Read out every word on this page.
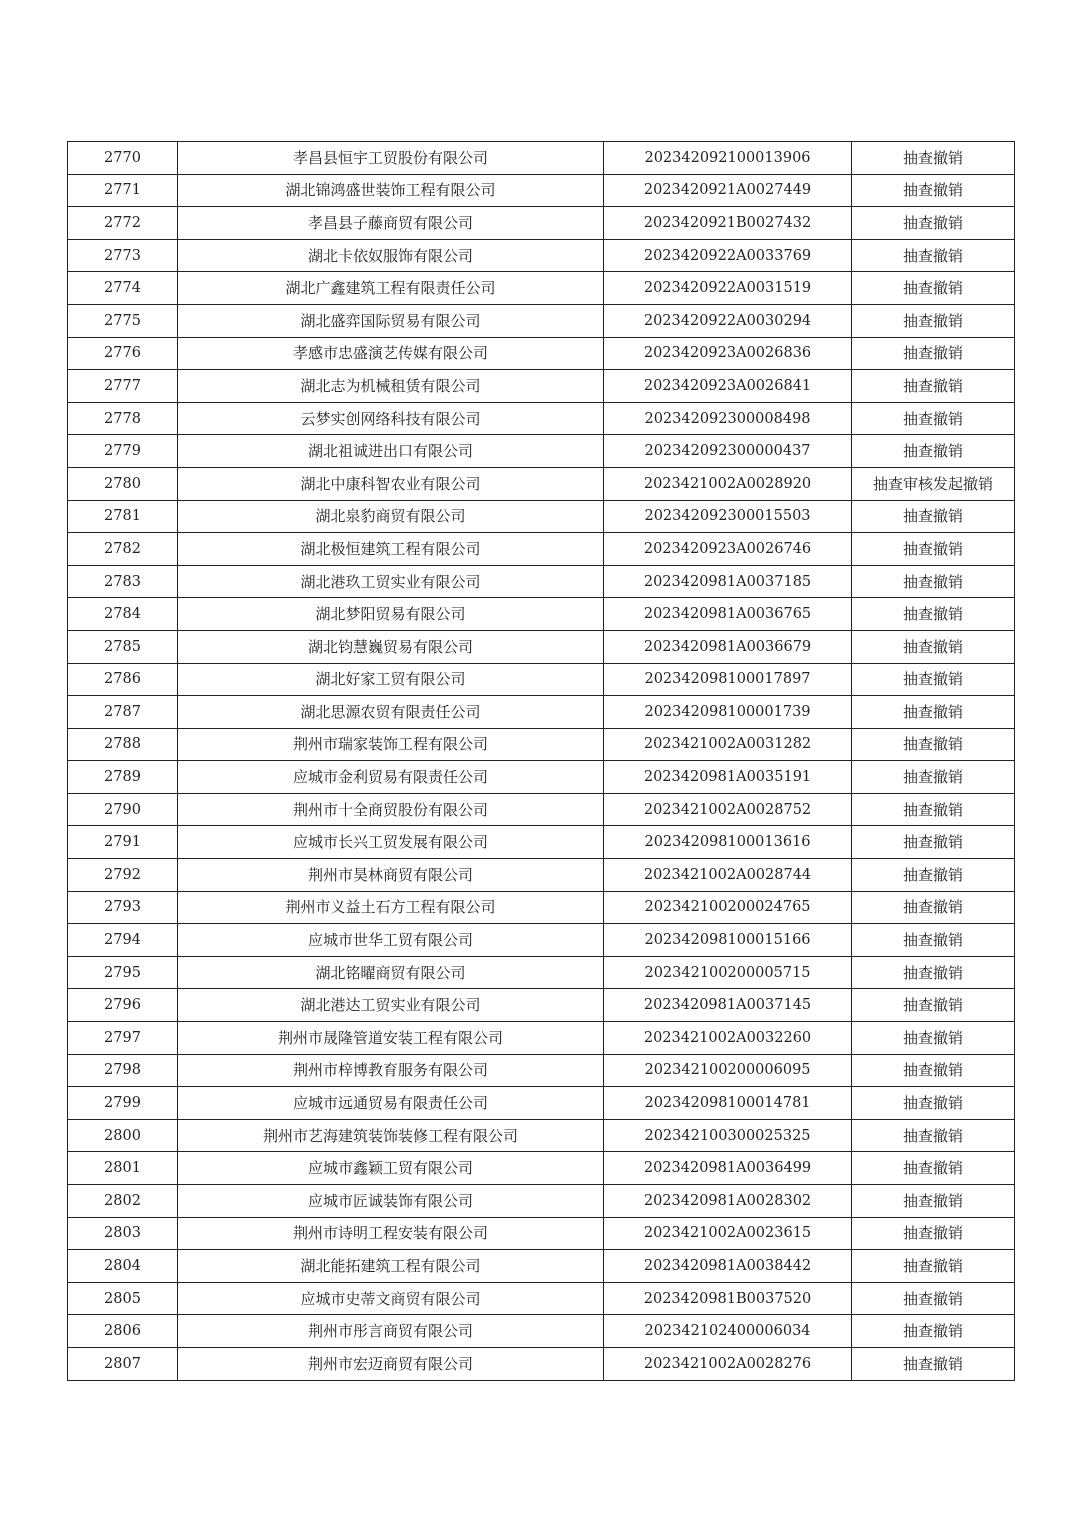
2770	孝昌县恒宇工贸股份有限公司	202342092100013906	抽查撤销
2771	湖北锦鸿盛世装饰工程有限公司	2023420921A0027449	抽查撤销
2772	孝昌县子藤商贸有限公司	2023420921B0027432	抽查撤销
2773	湖北卡依奴服饰有限公司	2023420922A0033769	抽查撤销
2774	湖北广鑫建筑工程有限责任公司	2023420922A0031519	抽查撤销
2775	湖北盛弈国际贸易有限公司	2023420922A0030294	抽查撤销
2776	孝感市忠盛演艺传媒有限公司	2023420923A0026836	抽查撤销
2777	湖北志为机械租赁有限公司	2023420923A0026841	抽查撤销
2778	云梦实创网络科技有限公司	202342092300008498	抽查撤销
2779	湖北祖诚进出口有限公司	202342092300000437	抽查撤销
2780	湖北中康科智农业有限公司	2023421002A0028920	抽查审核发起撤销
2781	湖北泉豹商贸有限公司	202342092300015503	抽查撤销
2782	湖北极恒建筑工程有限公司	2023420923A0026746	抽查撤销
2783	湖北港玖工贸实业有限公司	2023420981A0037185	抽查撤销
2784	湖北梦阳贸易有限公司	2023420981A0036765	抽查撤销
2785	湖北钧慧巍贸易有限公司	2023420981A0036679	抽查撤销
2786	湖北好家工贸有限公司	202342098100017897	抽查撤销
2787	湖北思源农贸有限责任公司	202342098100001739	抽查撤销
2788	荆州市瑞家装饰工程有限公司	2023421002A0031282	抽查撤销
2789	应城市金利贸易有限责任公司	2023420981A0035191	抽查撤销
2790	荆州市十全商贸股份有限公司	2023421002A0028752	抽查撤销
2791	应城市长兴工贸发展有限公司	202342098100013616	抽查撤销
2792	荆州市昊林商贸有限公司	2023421002A0028744	抽查撤销
2793	荆州市义益土石方工程有限公司	202342100200024765	抽查撤销
2794	应城市世华工贸有限公司	202342098100015166	抽查撤销
2795	湖北铭曜商贸有限公司	202342100200005715	抽查撤销
2796	湖北港达工贸实业有限公司	2023420981A0037145	抽查撤销
2797	荆州市晟隆管道安装工程有限公司	2023421002A0032260	抽查撤销
2798	荆州市梓博教育服务有限公司	202342100200006095	抽查撤销
2799	应城市远通贸易有限责任公司	202342098100014781	抽查撤销
2800	荆州市艺海建筑装饰装修工程有限公司	202342100300025325	抽查撤销
2801	应城市鑫颖工贸有限公司	2023420981A0036499	抽查撤销
2802	应城市匠诚装饰有限公司	2023420981A0028302	抽查撤销
2803	荆州市诗明工程安装有限公司	2023421002A0023615	抽查撤销
2804	湖北能拓建筑工程有限公司	2023420981A0038442	抽查撤销
2805	应城市史蒂文商贸有限公司	2023420981B0037520	抽查撤销
2806	荆州市彤言商贸有限公司	202342102400006034	抽查撤销
2807	荆州市宏迈商贸有限公司	2023421002A0028276	抽查撤销
